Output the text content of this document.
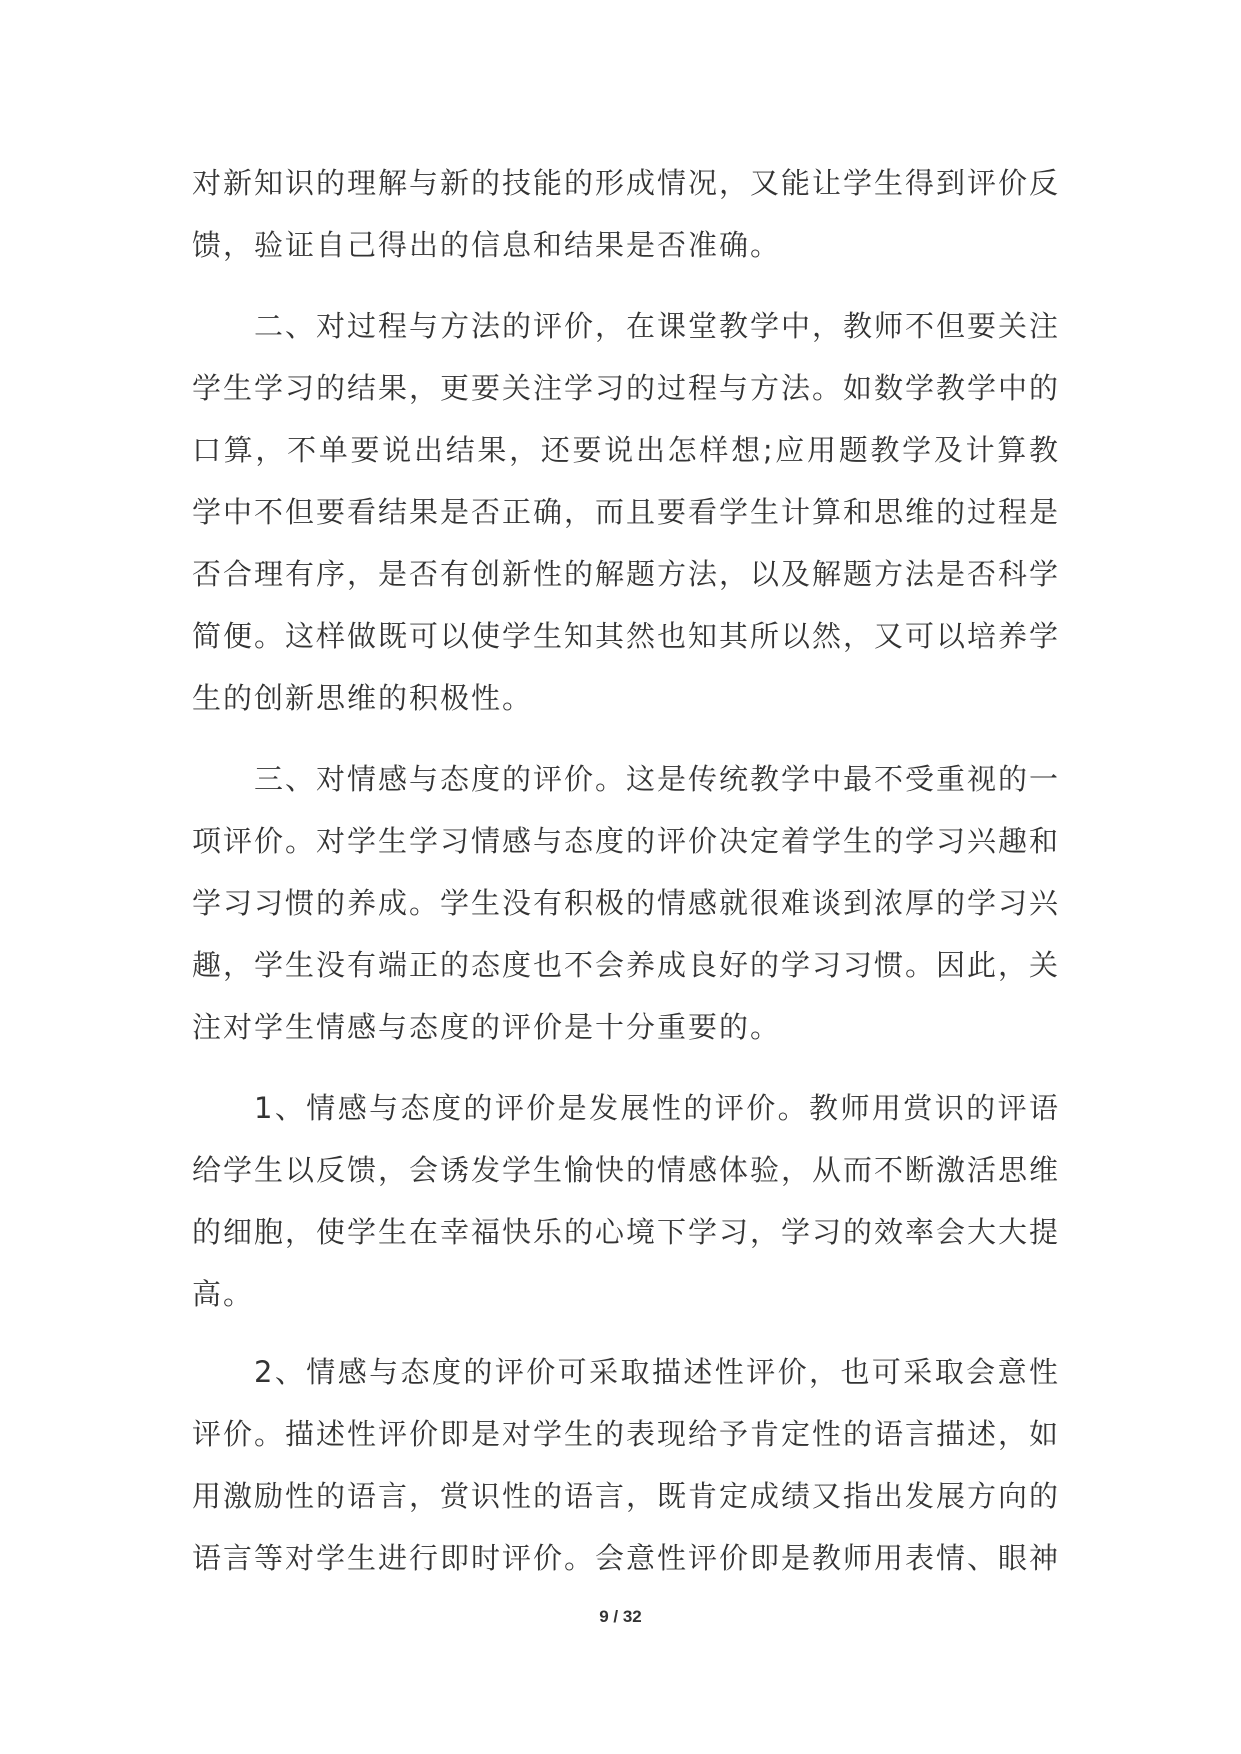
对新知识的理解与新的技能的形成情况，又能让学生得到评价反馈，验证自己得出的信息和结果是否准确。

二、对过程与方法的评价，在课堂教学中，教师不但要关注学生学习的结果，更要关注学习的过程与方法。如数学教学中的口算，不单要说出结果，还要说出怎样想;应用题教学及计算教学中不但要看结果是否正确，而且要看学生计算和思维的过程是否合理有序，是否有创新性的解题方法，以及解题方法是否科学简便。这样做既可以使学生知其然也知其所以然，又可以培养学生的创新思维的积极性。

三、对情感与态度的评价。这是传统教学中最不受重视的一项评价。对学生学习情感与态度的评价决定着学生的学习兴趣和学习习惯的养成。学生没有积极的情感就很难谈到浓厚的学习兴趣，学生没有端正的态度也不会养成良好的学习习惯。因此，关注对学生情感与态度的评价是十分重要的。

1、情感与态度的评价是发展性的评价。教师用赏识的评语给学生以反馈，会诱发学生愉快的情感体验，从而不断激活思维的细胞，使学生在幸福快乐的心境下学习，学习的效率会大大提高。

2、情感与态度的评价可采取描述性评价，也可采取会意性评价。描述性评价即是对学生的表现给予肯定性的语言描述，如用激励性的语言，赏识性的语言，既肯定成绩又指出发展方向的语言等对学生进行即时评价。会意性评价即是教师用表情、眼神

9 / 32
